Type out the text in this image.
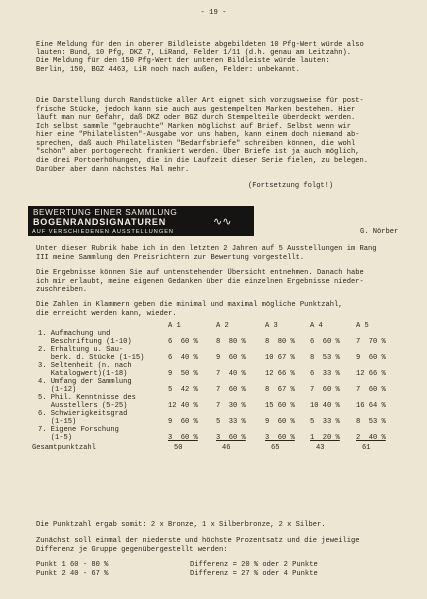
- 19 -
Eine Meldung für den in oberer Bildleiste abgebildeten 10 Pfg-Wert würde also
lauten: Bund, 10 Pfg, DKZ 7, LiRand, Felder 1/11 (d.h. genau am Leitzahn).
Die Meldung für den 150 Pfg-Wert der unteren Bildleiste würde lauten:
Berlin, 150, BGZ 4463, LiR noch nach außen, Felder: unbekannt.
Die Darstellung durch Randstücke aller Art eignet sich vorzugsweise für post-
frische Stücke, jedoch kann sie auch aus gestempelten Marken bestehen. Hier
läuft man nur Gefahr, daß DKZ oder BGZ durch Stempelteile überdeckt werden.
Ich selbst sammle "gebrauchte" Marken möglichst auf Brief. Selbst wenn wir
hier eine "Philatelisten"-Ausgabe vor uns haben, kann einem doch niemand ab-
sprechen, daß auch Philatelisten "Bedarfsbriefe" schreiben können, die wohl
"schön" aber portogerecht frankiert werden. Über Briefe ist ja auch möglich,
die drei Portoerhöhungen, die in die Laufzeit dieser Serie fielen, zu belegen.
Darüber aber dann nächstes Mal mehr.
(Fortsetzung folgt!)
BEWERTUNG EINER SAMMLUNG
BOGENRANDSIGNATUREN	∿∿
AUF VERSCHIEDENEN AUSSTELLUNGEN	G. Nörber
Unter dieser Rubrik habe ich in den letzten 2 Jahren auf 5 Ausstellungen im Rang
III meine Sammlung den Preisrichtern zur Bewertung vorgestellt.
Die Ergebnisse können Sie auf untenstehender Übersicht entnehmen. Danach habe
ich mir erlaubt, meine eigenen Gedanken über die einzelnen Ergebnisse nieder-
zuschreiben.
Die Zahlen in Klammern geben die minimal und maximal mögliche Punktzahl,
die erreicht werden kann, wieder.
	A 1	A 2	A 3	A 4	A 5
1. Aufmachung und					
Beschriftung (1-10)	6  60 %	8  80 %	8  80 %	6  60 %	7  70 %
2. Erhaltung u. Sau-					
berk. d. Stücke (1-15)	6  40 %	9  60 %	10 67 %	8  53 %	9  60 %
3. Seltenheit (n. nach					
Katalogwert)(1-18)	9  50 %	7  40 %	12 66 %	6  33 %	12 66 %
4. Umfang der Sammlung					
(1-12)	5  42 %	7  60 %	8  67 %	7  60 %	7  60 %
5. Phil. Kenntnisse des					
Ausstellers (5-25)	12 40 %	7  30 %	15 60 %	10 40 %	16 64 %
6. Schwierigkeitsgrad					
(1-15)	9  60 %	5  33 %	9  60 %	5  33 %	8  53 %
7. Eigene Forschung					
(1-5)	3  60 %	3  60 %	3  60 %	1  20 %	2  40 %
Gesamtpunktzahl	50	46	65	43	61
Die Punktzahl ergab somit: 2 x Bronze, 1 x Silberbronze, 2 x Silber.
Zunächst soll einmal der niederste und höchste Prozentsatz und die jeweilige
Differenz je Gruppe gegenübergestellt werden:
Punkt 1 60 - 80 %	Differenz = 20 % oder 2 Punkte
Punkt 2 40 - 67 %	Differenz = 27 % oder 4 Punkte
